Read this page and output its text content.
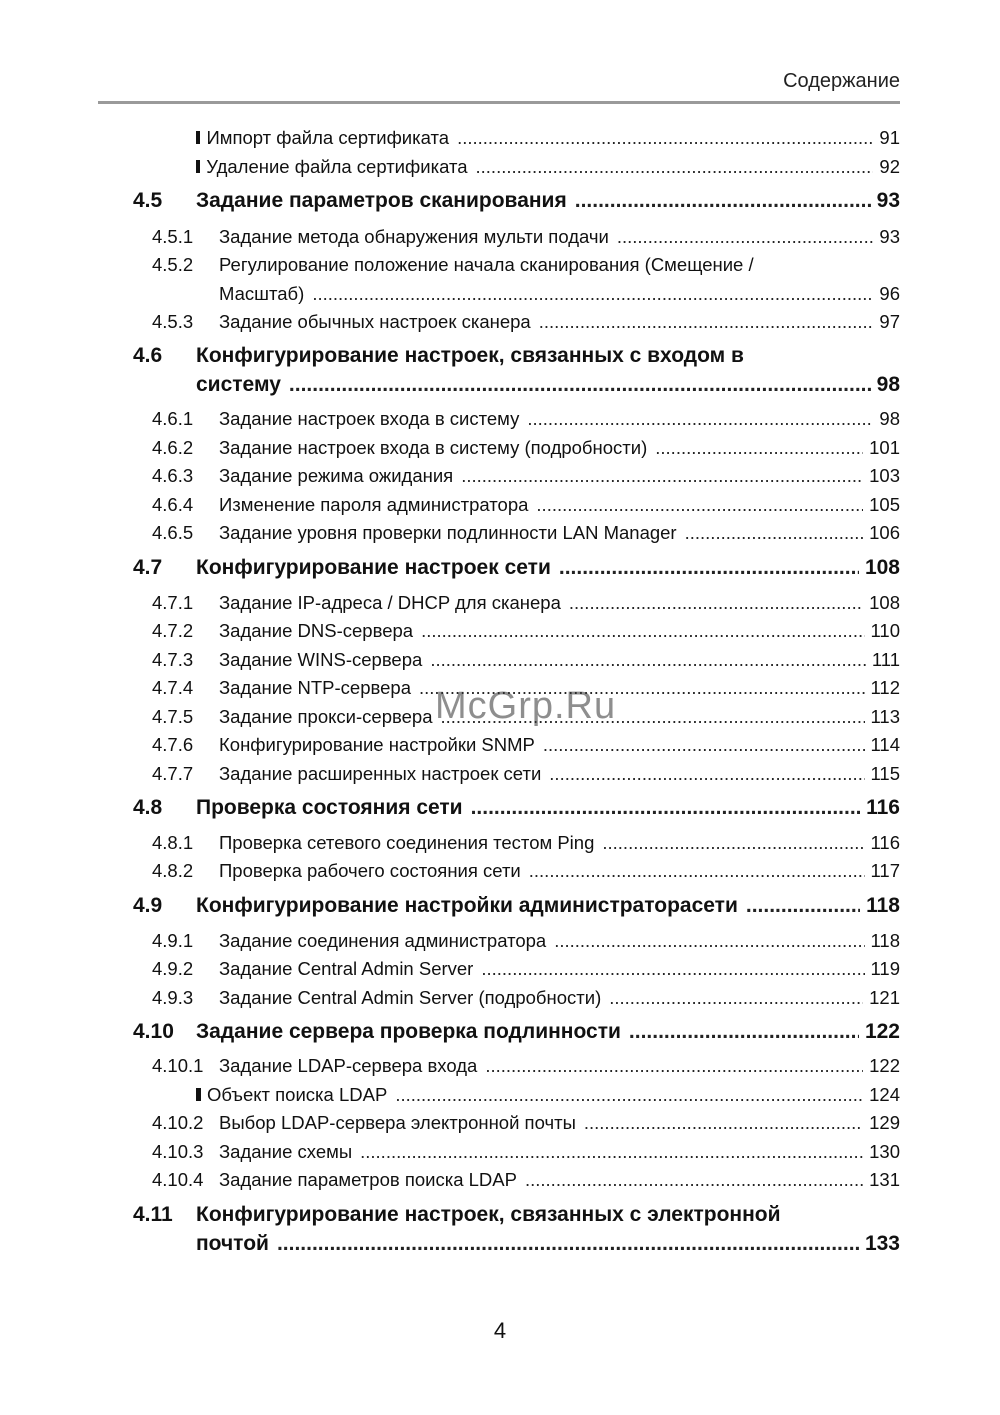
Содержание
Импорт файла сертификата .....	91
Удаление файла сертификата .....	92
4.5 Задание параметров сканирования .....	93
4.5.1 Задание метода обнаружения мульти подачи .....	93
4.5.2 Регулирование положение начала сканирования (Смещение /
Масштаб) .....	96
4.5.3 Задание обычных настроек сканера .....	97
4.6 Конфигурирование настроек, связанных с входом в
систему .....	98
4.6.1 Задание настроек входа в систему .....	98
4.6.2 Задание настроек входа в систему (подробности) .....	101
4.6.3 Задание режима ожидания .....	103
4.6.4 Изменение пароля администратора .....	105
4.6.5 Задание уровня проверки подлинности LAN Manager .....	106
4.7 Конфигурирование настроек сети .....	108
4.7.1 Задание IP-адреса / DHCP для сканера .....	108
4.7.2 Задание DNS-сервера .....	110
4.7.3 Задание WINS-сервера .....	111
4.7.4 Задание NTP-сервера .....	112
4.7.5 Задание прокси-сервера .....	113
4.7.6 Конфигурирование настройки SNMP .....	114
4.7.7 Задание расширенных настроек сети .....	115
4.8 Проверка состояния сети .....	116
4.8.1 Проверка сетевого соединения тестом Ping .....	116
4.8.2 Проверка рабочего состояния сети .....	117
4.9 Конфигурирование настройки администраторасети .....	118
4.9.1 Задание соединения администратора .....	118
4.9.2 Задание Central Admin Server .....	119
4.9.3 Задание Central Admin Server (подробности) .....	121
4.10 Задание сервера проверка подлинности .....	122
4.10.1 Задание LDAP-сервера входа .....	122
Объект поиска LDAP .....	124
4.10.2 Выбор LDAP-сервера электронной почты .....	129
4.10.3 Задание схемы .....	130
4.10.4 Задание параметров поиска LDAP .....	131
4.11 Конфигурирование настроек, связанных с электронной
почтой .....	133
McGrp.Ru
4
